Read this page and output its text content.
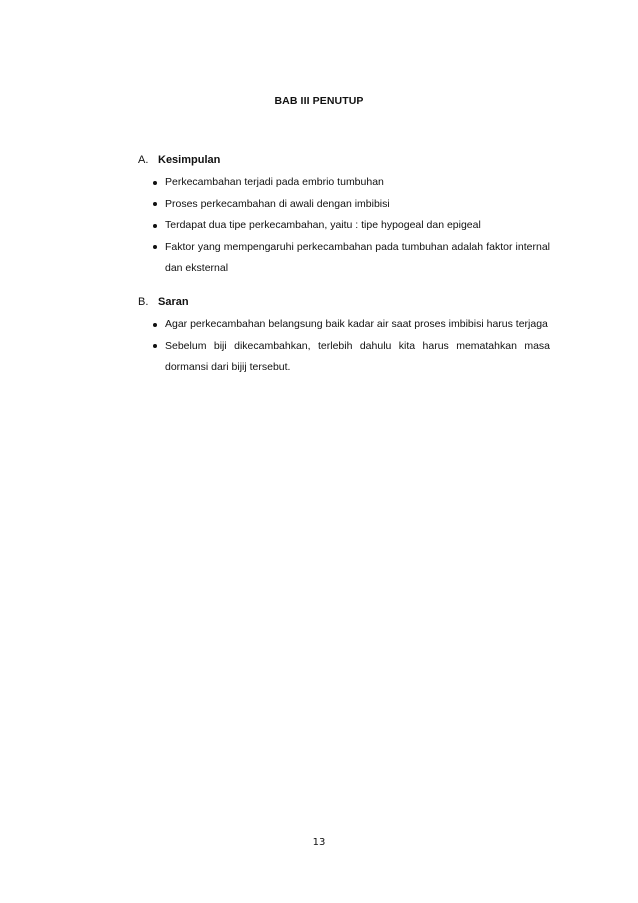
BAB III PENUTUP
A. Kesimpulan
Perkecambahan terjadi pada embrio tumbuhan
Proses perkecambahan di awali dengan imbibisi
Terdapat dua tipe perkecambahan, yaitu : tipe hypogeal dan epigeal
Faktor yang mempengaruhi perkecambahan pada tumbuhan adalah faktor internal dan eksternal
B. Saran
Agar perkecambahan belangsung baik kadar air saat proses imbibisi harus terjaga
Sebelum biji dikecambahkan, terlebih dahulu kita harus mematahkan masa dormansi dari bijij tersebut.
13
